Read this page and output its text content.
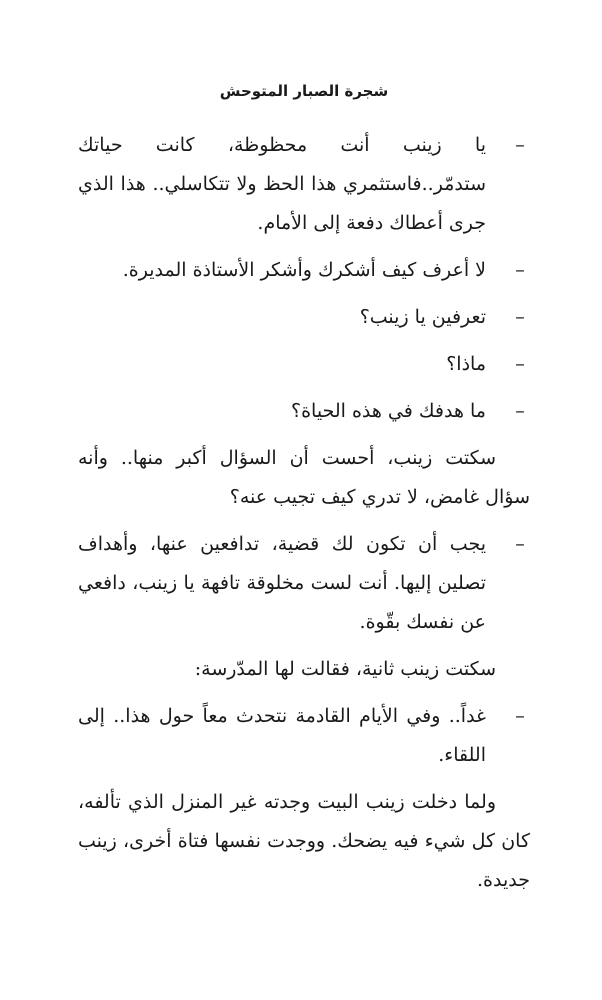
شجرة الصبار المتوحش

–
يا زينب أنت محظوظة، كانت حياتك ستدمّر..فاستثمري هذا الحظ ولا تتكاسلي.. هذا الذي جرى أعطاك دفعة إلى الأمام.

–
لا أعرف كيف أشكرك وأشكر الأستاذة المديرة.

–
تعرفين يا زينب؟

–
ماذا؟

–
ما هدفك في هذه الحياة؟

سكتت زينب، أحست أن السؤال أكبر منها.. وأنه سؤال غامض، لا تدري كيف تجيب عنه؟

–
يجب أن تكون لك قضية، تدافعين عنها، وأهداف تصلين إليها. أنت لست مخلوقة تافهة يا زينب، دافعي عن نفسك بقّوة.

سكتت زينب ثانية، فقالت لها المدّرسة:

–
غداً.. وفي الأيام القادمة نتحدث معاً حول هذا.. إلى اللقاء.

ولما دخلت زينب البيت وجدته غير المنزل الذي تألفه، كان كل شيء فيه يضحك. ووجدت نفسها فتاة أخرى، زينب جديدة.
